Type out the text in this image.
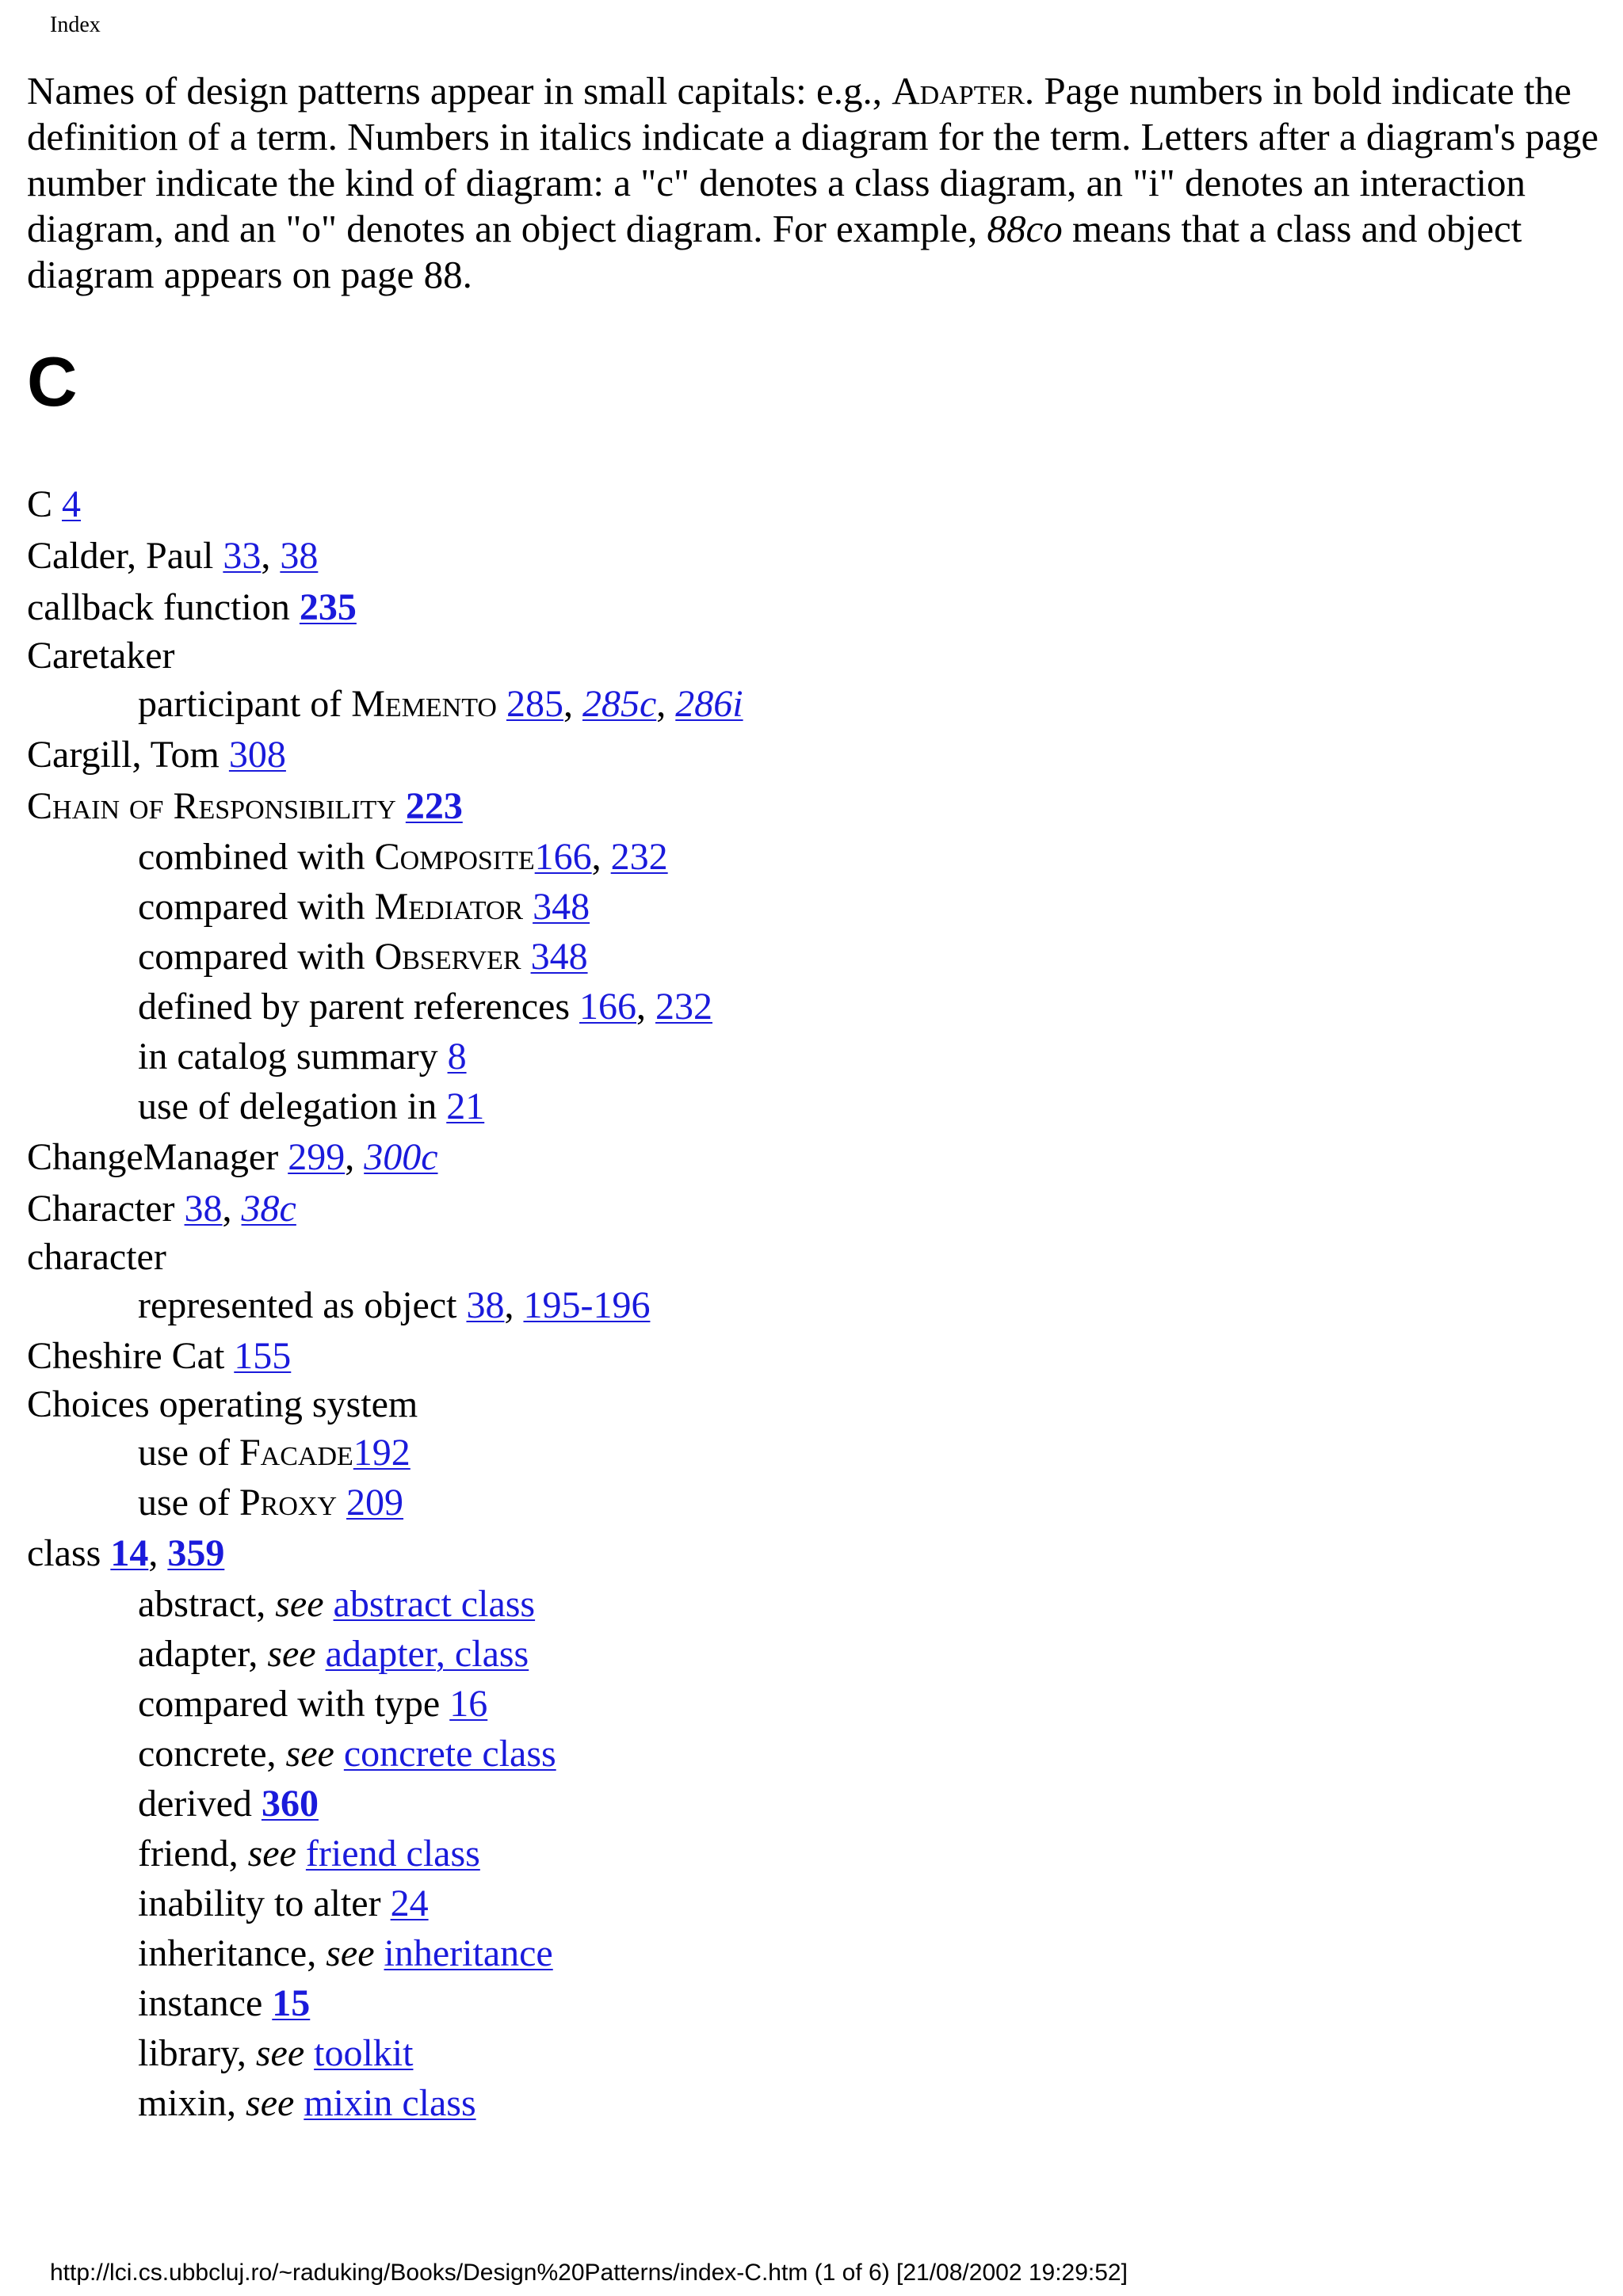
Index
Names of design patterns appear in small capitals: e.g., Adapter. Page numbers in bold indicate the definition of a term. Numbers in italics indicate a diagram for the term. Letters after a diagram's page number indicate the kind of diagram: a "c" denotes a class diagram, an "i" denotes an interaction diagram, and an "o" denotes an object diagram. For example, 88co means that a class and object diagram appears on page 88.
C
C 4
Calder, Paul 33, 38
callback function 235
Caretaker
participant of Memento 285, 285c, 286i
Cargill, Tom 308
Chain of Responsibility 223
combined with Composite166, 232
compared with Mediator 348
compared with Observer 348
defined by parent references 166, 232
in catalog summary 8
use of delegation in 21
ChangeManager 299, 300c
Character 38, 38c
character
represented as object 38, 195-196
Cheshire Cat 155
Choices operating system
use of Facade192
use of Proxy 209
class 14, 359
abstract, see abstract class
adapter, see adapter, class
compared with type 16
concrete, see concrete class
derived 360
friend, see friend class
inability to alter 24
inheritance, see inheritance
instance 15
library, see toolkit
mixin, see mixin class
http://lci.cs.ubbcluj.ro/~raduking/Books/Design%20Patterns/index-C.htm (1 of 6) [21/08/2002 19:29:52]
